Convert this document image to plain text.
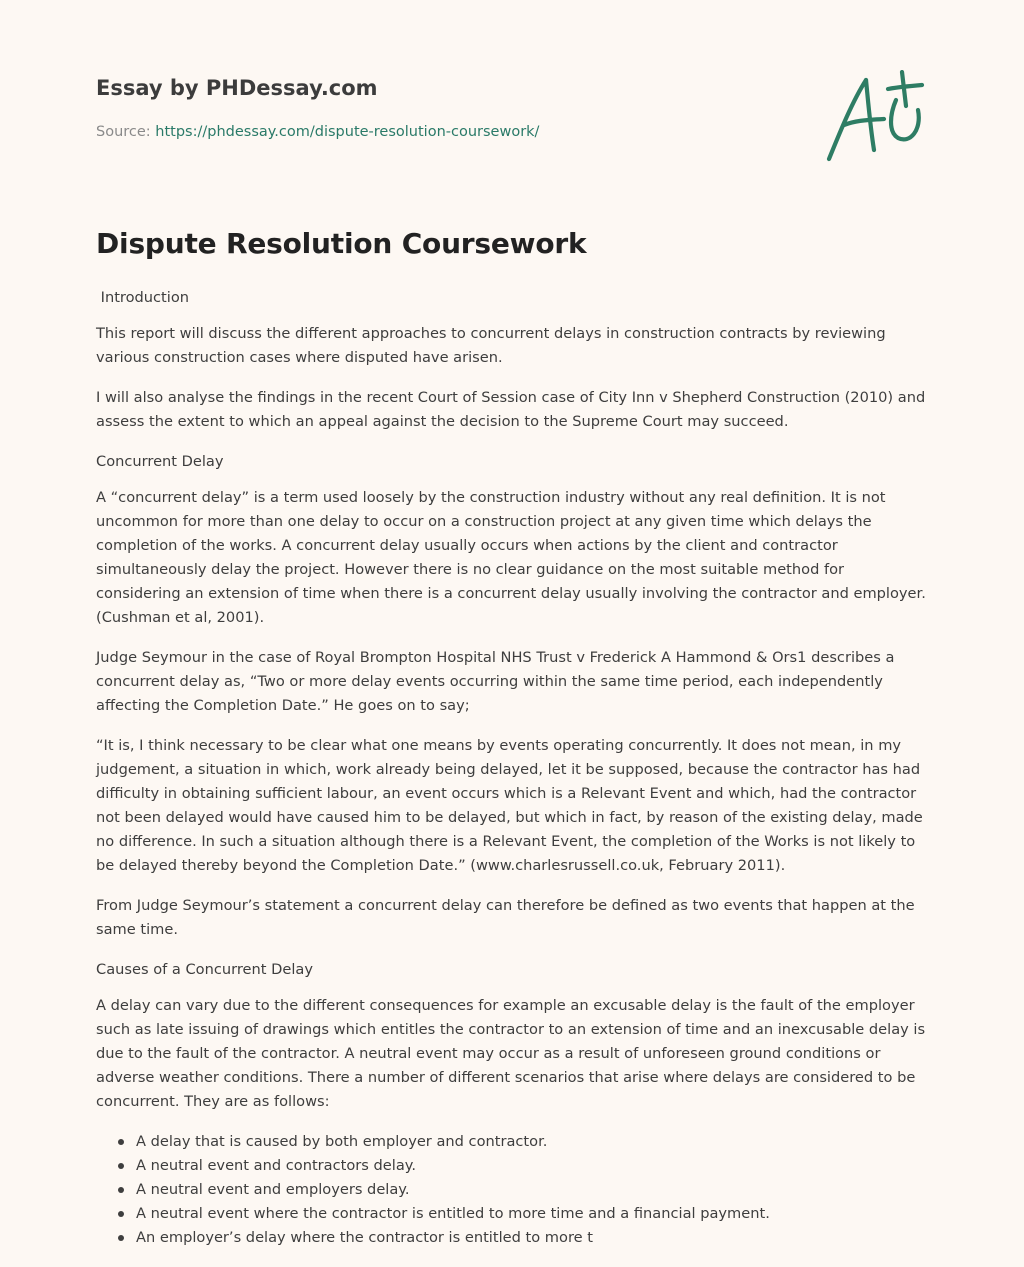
Essay by PHDessay.com
Source: https://phdessay.com/dispute-resolution-coursework/
Dispute Resolution Coursework

Introduction

This report will discuss the different approaches to concurrent delays in construction contracts by reviewing various construction cases where disputed have arisen.

I will also analyse the findings in the recent Court of Session case of City Inn v Shepherd Construction (2010) and assess the extent to which an appeal against the decision to the Supreme Court may succeed.

Concurrent Delay

A “concurrent delay” is a term used loosely by the construction industry without any real definition. It is not uncommon for more than one delay to occur on a construction project at any given time which delays the completion of the works. A concurrent delay usually occurs when actions by the client and contractor simultaneously delay the project. However there is no clear guidance on the most suitable method for considering an extension of time when there is a concurrent delay usually involving the contractor and employer. (Cushman et al, 2001).

Judge Seymour in the case of Royal Brompton Hospital NHS Trust v Frederick A Hammond & Ors1 describes a concurrent delay as, “Two or more delay events occurring within the same time period, each independently affecting the Completion Date.” He goes on to say;

“It is, I think necessary to be clear what one means by events operating concurrently. It does not mean, in my judgement, a situation in which, work already being delayed, let it be supposed, because the contractor has had difficulty in obtaining sufficient labour, an event occurs which is a Relevant Event and which, had the contractor not been delayed would have caused him to be delayed, but which in fact, by reason of the existing delay, made no difference. In such a situation although there is a Relevant Event, the completion of the Works is not likely to be delayed thereby beyond the Completion Date.” (www.charlesrussell.co.uk, February 2011).

From Judge Seymour’s statement a concurrent delay can therefore be defined as two events that happen at the same time.

Causes of a Concurrent Delay

A delay can vary due to the different consequences for example an excusable delay is the fault of the employer such as late issuing of drawings which entitles the contractor to an extension of time and an inexcusable delay is due to the fault of the contractor. A neutral event may occur as a result of unforeseen ground conditions or adverse weather conditions. There a number of different scenarios that arise where delays are considered to be concurrent. They are as follows:

A delay that is caused by both employer and contractor.
A neutral event and contractors delay.
A neutral event and employers delay.
A neutral event where the contractor is entitled to more time and a financial payment.
An employer’s delay where the contractor is entitled to more t
